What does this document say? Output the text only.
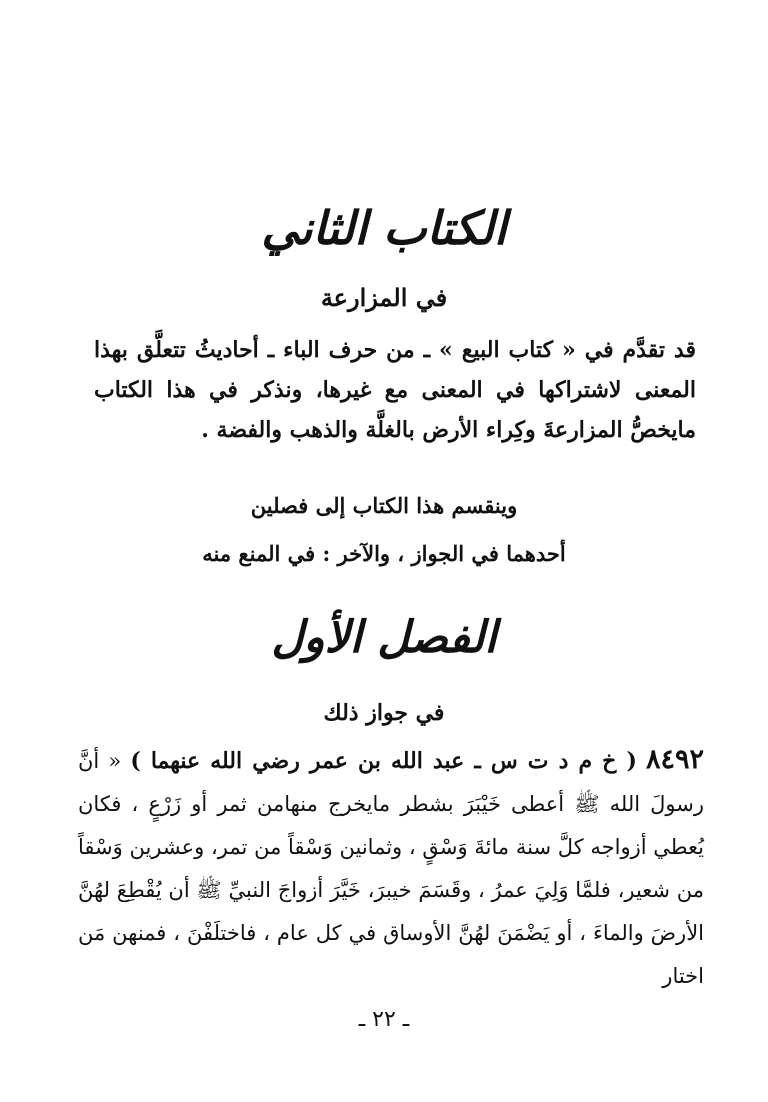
الكتاب الثاني
في المزارعة
قد تقدَّم في « كتاب البيع » ـ من حرف الباء ـ أحاديثُ تتعلَّق بهذا المعنى لاشتراكها في المعنى مع غيرها، ونذكر في هذا الكتاب مايخصُّ المزارعةَ وكِراء الأرض بالغلَّة والذهب والفضة .
وينقسم هذا الكتاب إلى فصلين
أحدهما في الجواز ، والآخر : في المنع منه
الفصل الأول
في جواز ذلك
٨٤٩٢ ( خ م د ت س ـ عبد الله بن عمر رضي الله عنهما ) « أنَّ رسولَ الله ﷺ أعطى خَيْبَرَ بشطر مايخرج منهامن ثمر أو زَرْعٍ ، فكان يُعطي أزواجه كلَّ سنة مائةَ وَسْقٍ ، وثمانين وَسْقاً من تمر، وعشرين وَسْقاً من شعير، فلمَّا وَلِيَ عمرُ ، وقَسَمَ خيبرَ، خَيَّرَ أزواجَ النبيِّ ﷺ أن يُقْطِعَ لهُنَّ الأرضَ والماءَ ، أو يَضْمَنَ لهُنَّ الأوساق في كل عام ، فاختلَفْنَ ، فمنهن مَن اختار
ـ ٢٢ ـ
